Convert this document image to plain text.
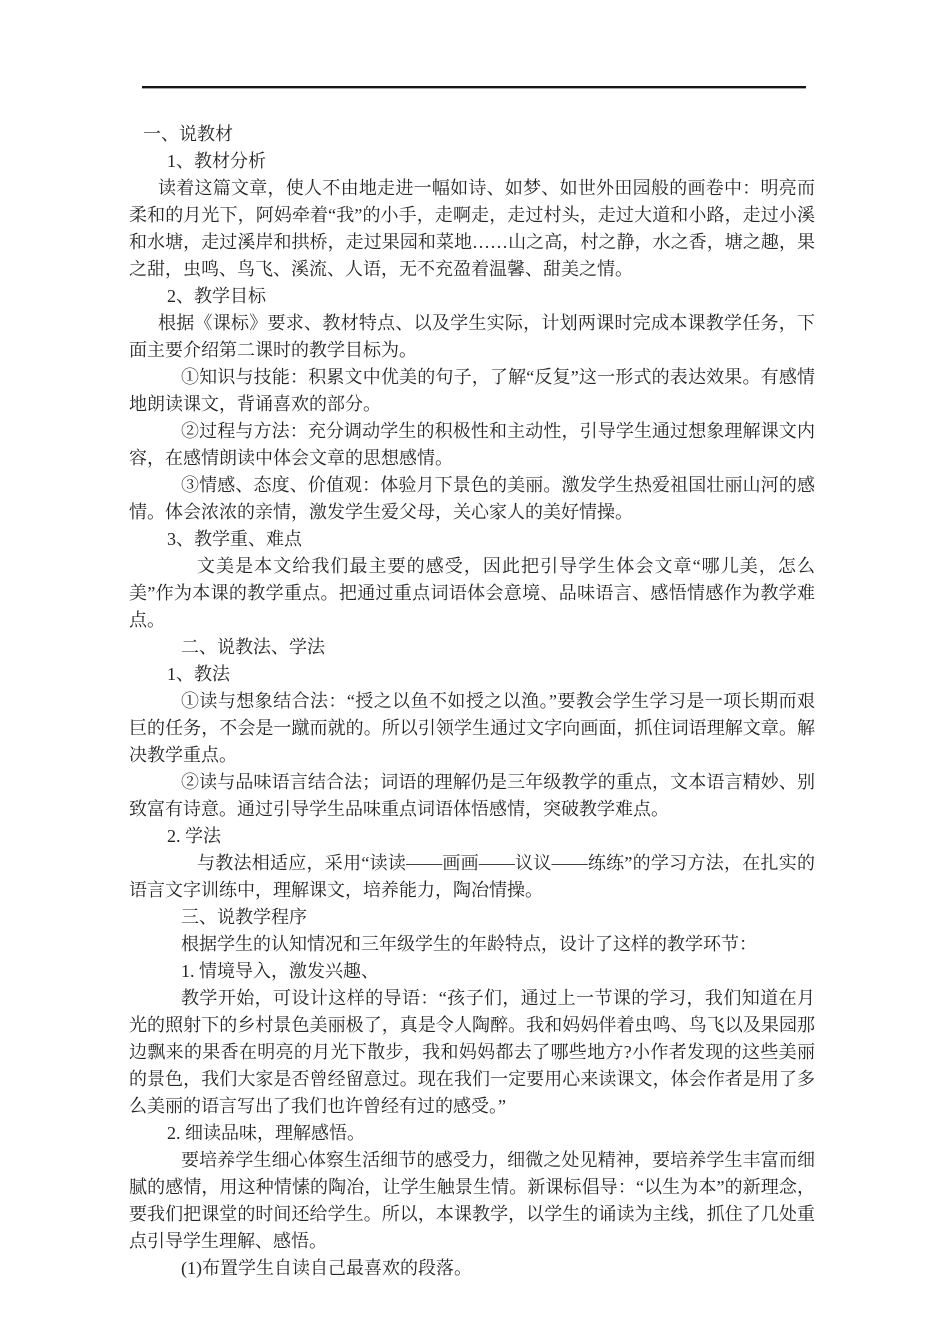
一、说教材

1、教材分析

读着这篇文章，使人不由地走进一幅如诗、如梦、如世外田园般的画卷中：明亮而柔和的月光下，阿妈牵着“我”的小手，走啊走，走过村头，走过大道和小路，走过小溪和水塘，走过溪岸和拱桥，走过果园和菜地……山之高，村之静，水之香，塘之趣，果之甜，虫鸣、鸟飞、溪流、人语，无不充盈着温馨、甜美之情。

2、教学目标

根据《课标》要求、教材特点、以及学生实际，计划两课时完成本课教学任务，下面主要介绍第二课时的教学目标为。

①知识与技能：积累文中优美的句子，了解“反复”这一形式的表达效果。有感情地朗读课文，背诵喜欢的部分。

②过程与方法：充分调动学生的积极性和主动性，引导学生通过想象理解课文内容，在感情朗读中体会文章的思想感情。

③情感、态度、价值观：体验月下景色的美丽。激发学生热爱祖国壮丽山河的感情。体会浓浓的亲情，激发学生爱父母，关心家人的美好情操。

3、教学重、难点

文美是本文给我们最主要的感受，因此把引导学生体会文章“哪儿美，怎么美”作为本课的教学重点。把通过重点词语体会意境、品味语言、感悟情感作为教学难点。

二、说教法、学法

1、教法

①读与想象结合法：“授之以鱼不如授之以渔。”要教会学生学习是一项长期而艰巨的任务，不会是一蹴而就的。所以引领学生通过文字向画面，抓住词语理解文章。解决教学重点。

②读与品味语言结合法；词语的理解仍是三年级教学的重点，文本语言精妙、别致富有诗意。通过引导学生品味重点词语体悟感情，突破教学难点。

2. 学法

与教法相适应，采用“读读——画画——议议——练练”的学习方法，在扎实的语言文字训练中，理解课文，培养能力，陶冶情操。

三、说教学程序

根据学生的认知情况和三年级学生的年龄特点，设计了这样的教学环节：

1. 情境导入，激发兴趣、

教学开始，可设计这样的导语：“孩子们，通过上一节课的学习，我们知道在月光的照射下的乡村景色美丽极了，真是令人陶醉。我和妈妈伴着虫鸣、鸟飞以及果园那边飘来的果香在明亮的月光下散步，我和妈妈都去了哪些地方?小作者发现的这些美丽的景色，我们大家是否曾经留意过。现在我们一定要用心来读课文，体会作者是用了多么美丽的语言写出了我们也许曾经有过的感受。”

2. 细读品味，理解感悟。

要培养学生细心体察生活细节的感受力，细微之处见精神，要培养学生丰富而细腻的感情，用这种情愫的陶冶，让学生触景生情。新课标倡导：“以生为本”的新理念，要我们把课堂的时间还给学生。所以，本课教学，以学生的诵读为主线，抓住了几处重点引导学生理解、感悟。

(1)布置学生自读自己最喜欢的段落。
